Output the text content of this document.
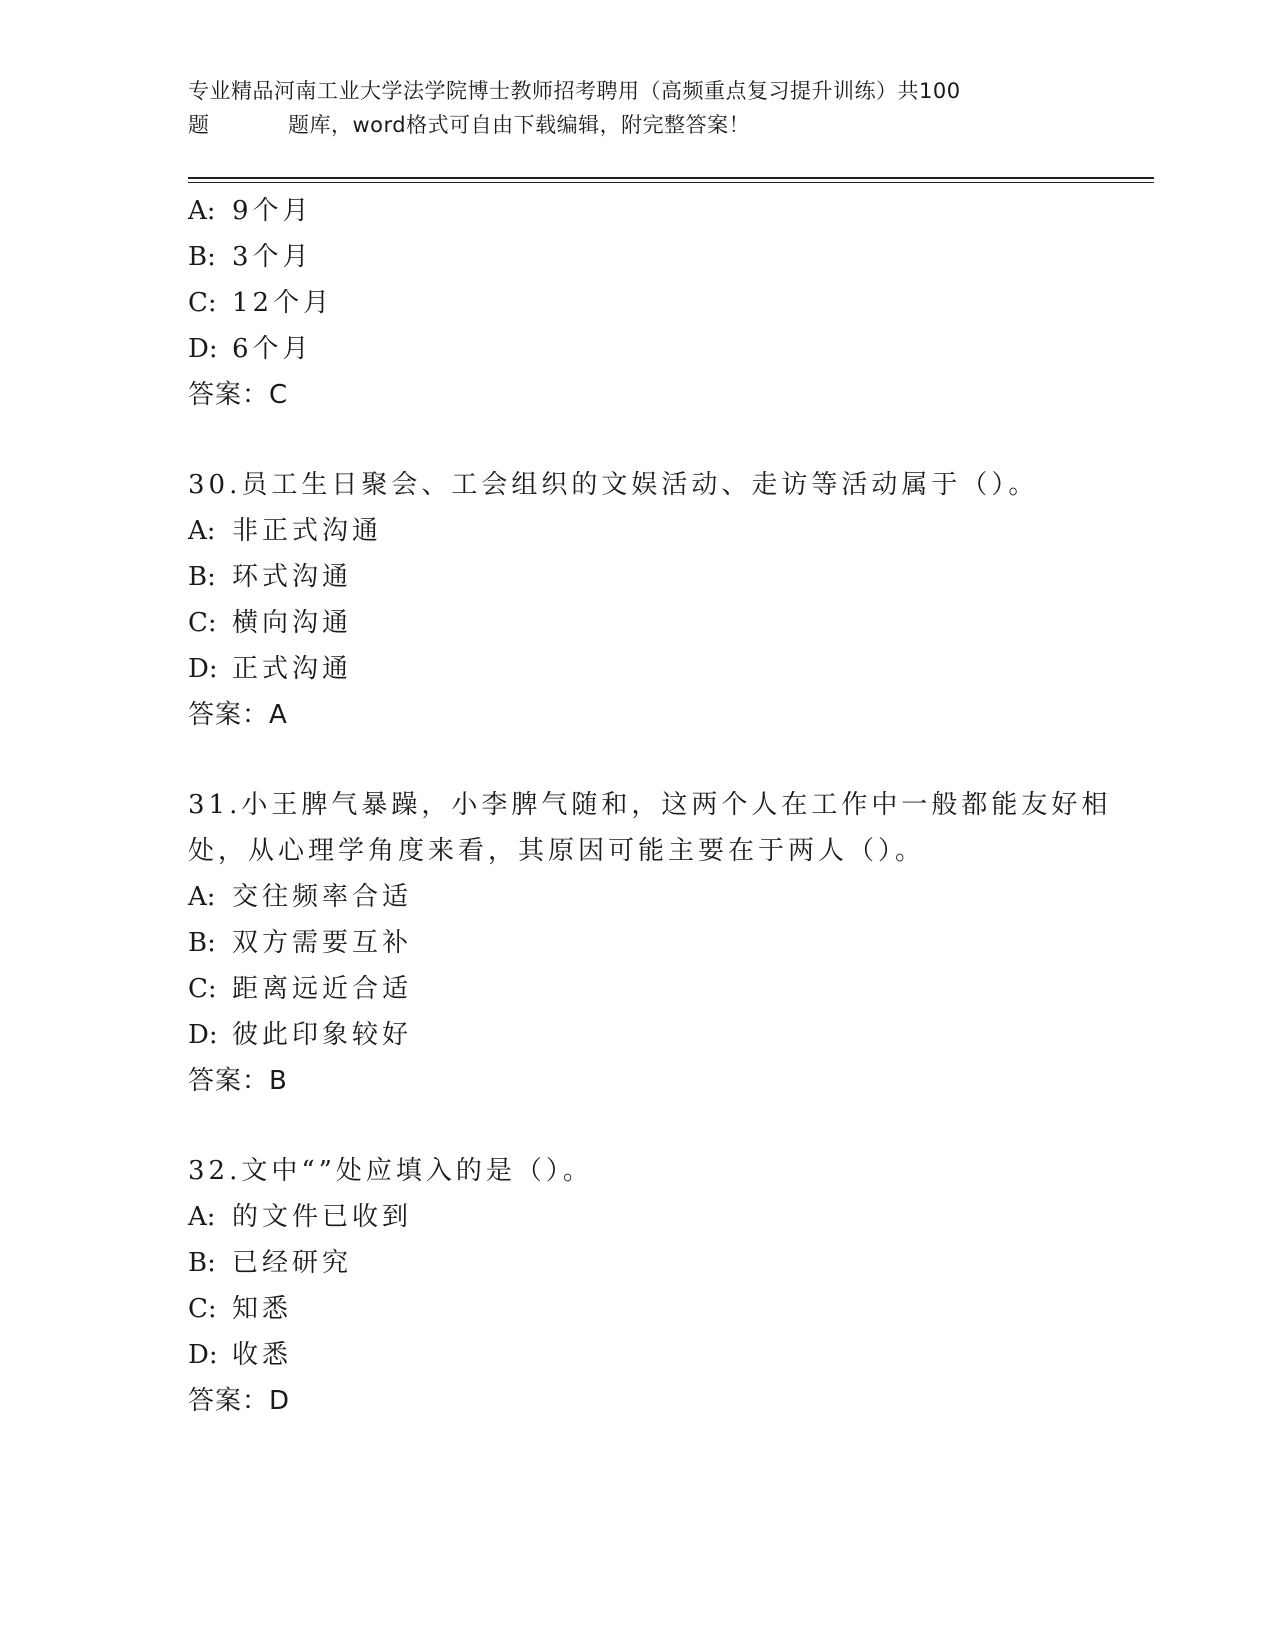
专业精品河南工业大学法学院博士教师招考聘用（高频重点复习提升训练）共100
题	题库，word格式可自由下载编辑，附完整答案！
A: 9个月
B: 3个月
C: 12个月
D: 6个月
答案：C
30.员工生日聚会、工会组织的文娱活动、走访等活动属于（）。
A: 非正式沟通
B: 环式沟通
C: 横向沟通
D: 正式沟通
答案：A
31.小王脾气暴躁，小李脾气随和，这两个人在工作中一般都能友好相
处，从心理学角度来看，其原因可能主要在于两人（）。
A: 交往频率合适
B: 双方需要互补
C: 距离远近合适
D: 彼此印象较好
答案：B
32.文中“”处应填入的是（）。
A: 的文件已收到
B: 已经研究
C: 知悉
D: 收悉
答案：D
